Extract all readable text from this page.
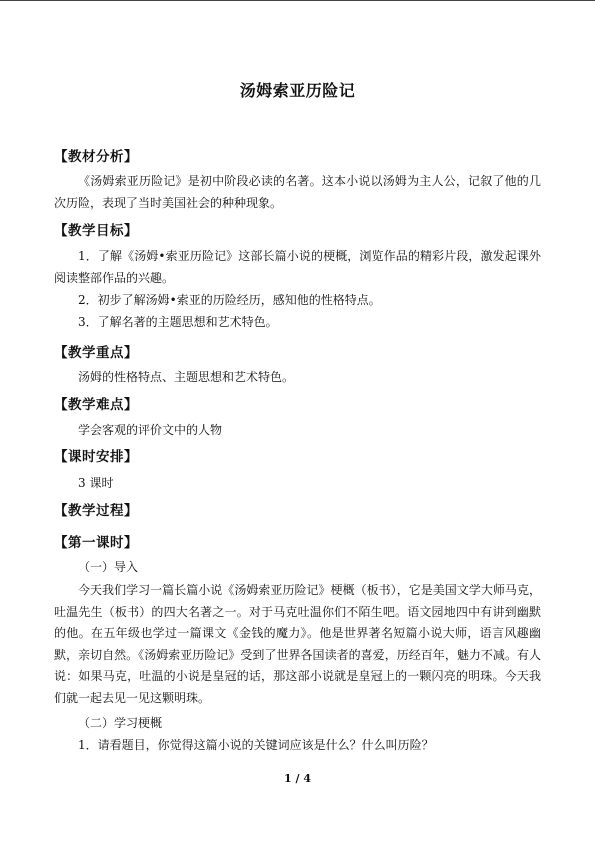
汤姆索亚历险记
【教材分析】
《汤姆索亚历险记》是初中阶段必读的名著。这本小说以汤姆为主人公，记叙了他的几次历险，表现了当时美国社会的种种现象。
【教学目标】
1．了解《汤姆•索亚历险记》这部长篇小说的梗概，浏览作品的精彩片段，激发起课外阅读整部作品的兴趣。
2．初步了解汤姆•索亚的历险经历，感知他的性格特点。
3．了解名著的主题思想和艺术特色。
【教学重点】
汤姆的性格特点、主题思想和艺术特色。
【教学难点】
学会客观的评价文中的人物
【课时安排】
3 课时
【教学过程】
【第一课时】
（一）导入
今天我们学习一篇长篇小说《汤姆索亚历险记》梗概（板书），它是美国文学大师马克，吐温先生（板书）的四大名著之一。对于马克吐温你们不陌生吧。语文园地四中有讲到幽默的他。在五年级也学过一篇课文《金钱的魔力》。他是世界著名短篇小说大师，语言风趣幽默，亲切自然。《汤姆索亚历险记》受到了世界各国读者的喜爱，历经百年，魅力不减。有人说：如果马克，吐温的小说是皇冠的话，那这部小说就是皇冠上的一颗闪亮的明珠。今天我们就一起去见一见这颗明珠。
（二）学习梗概
1．请看题目，你觉得这篇小说的关键词应该是什么？什么叫历险？
1 / 4
